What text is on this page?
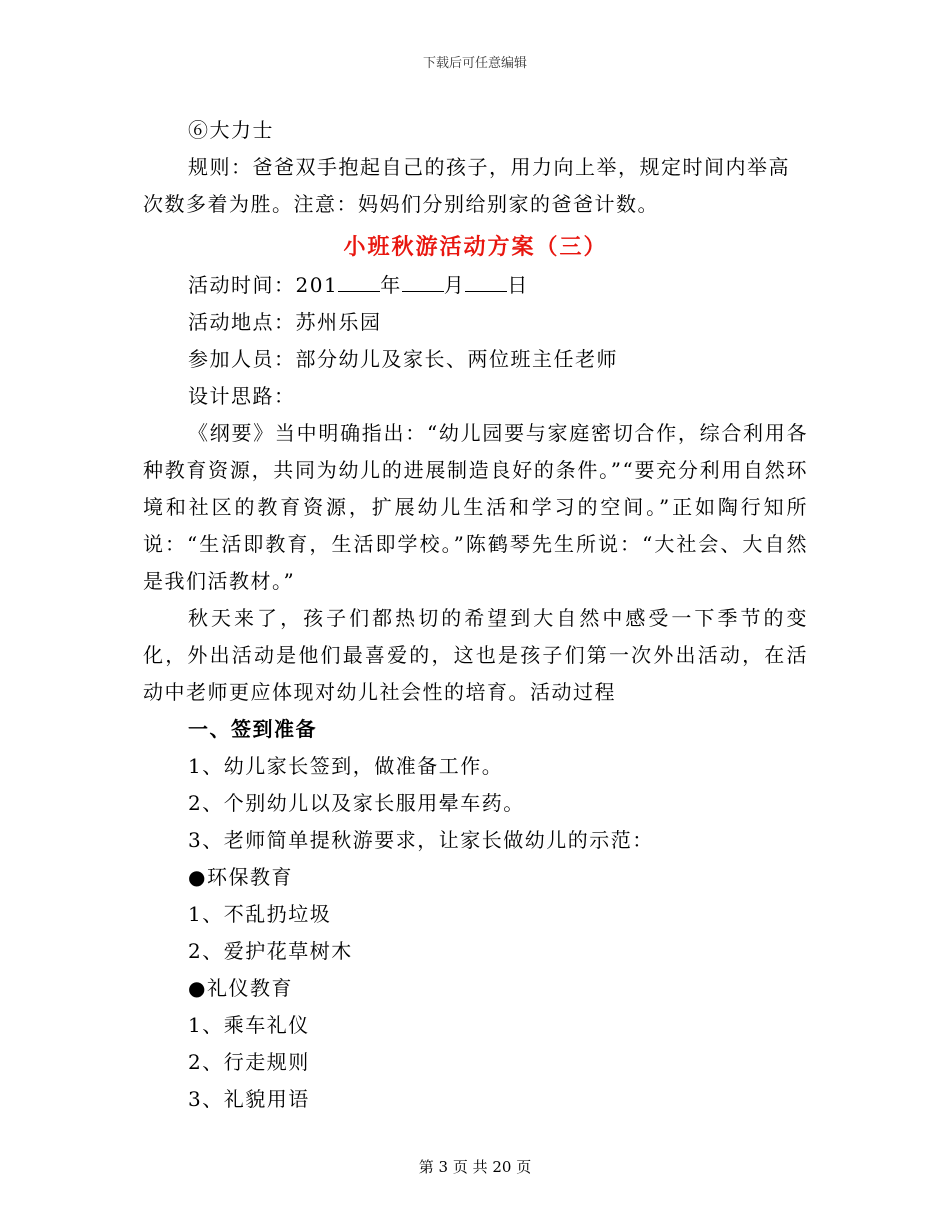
下载后可任意编辑
⑥大力士
规则：爸爸双手抱起自己的孩子，用力向上举，规定时间内举高
次数多着为胜。注意：妈妈们分别给别家的爸爸计数。
小班秋游活动方案（三）
活动时间：201 年 月 日
活动地点：苏州乐园
参加人员：部分幼儿及家长、两位班主任老师
设计思路：
《纲要》当中明确指出：“幼儿园要与家庭密切合作，综合利用各种教育资源，共同为幼儿的进展制造良好的条件。”“要充分利用自然环境和社区的教育资源，扩展幼儿生活和学习的空间。”正如陶行知所说：“生活即教育，生活即学校。”陈鹤琴先生所说：“大社会、大自然是我们活教材。”
秋天来了，孩子们都热切的希望到大自然中感受一下季节的变化，外出活动是他们最喜爱的，这也是孩子们第一次外出活动，在活动中老师更应体现对幼儿社会性的培育。活动过程
一、签到准备
1、幼儿家长签到，做准备工作。
2、个别幼儿以及家长服用晕车药。
3、老师简单提秋游要求，让家长做幼儿的示范：
●环保教育
1、不乱扔垃圾
2、爱护花草树木
●礼仪教育
1、乘车礼仪
2、行走规则
3、礼貌用语
第 3 页 共 20 页
